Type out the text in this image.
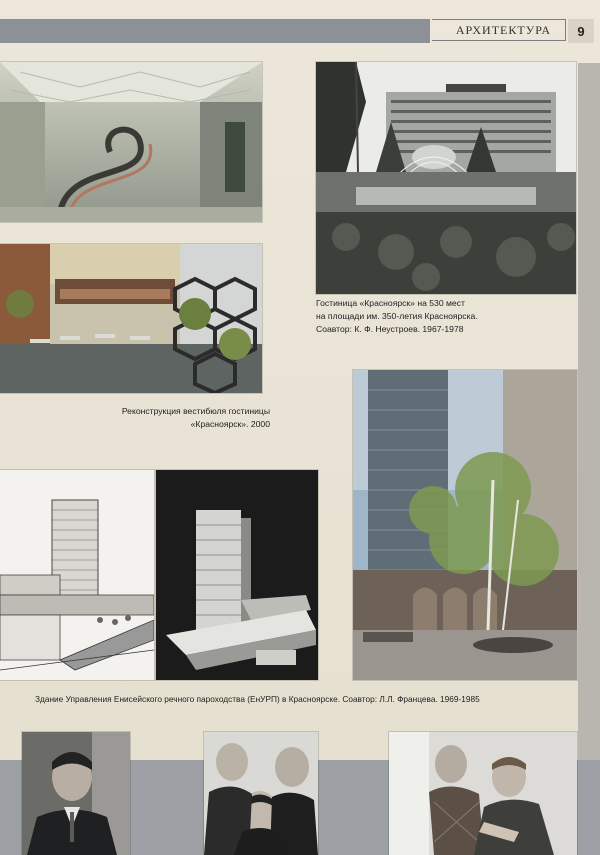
АРХИТЕКТУРА	9
Гостиница «Красноярск» на 530 мест
на площади им. 350-летия Красноярска.
Соавтор: К. Ф. Неустроев. 1967-1978
Реконструкция вестибюля гостиницы
«Красноярск». 2000
Здание Управления Енисейского речного пароходства (ЕнУРП) в Красноярске. Соавтор: Л.Л. Францева. 1969-1985
